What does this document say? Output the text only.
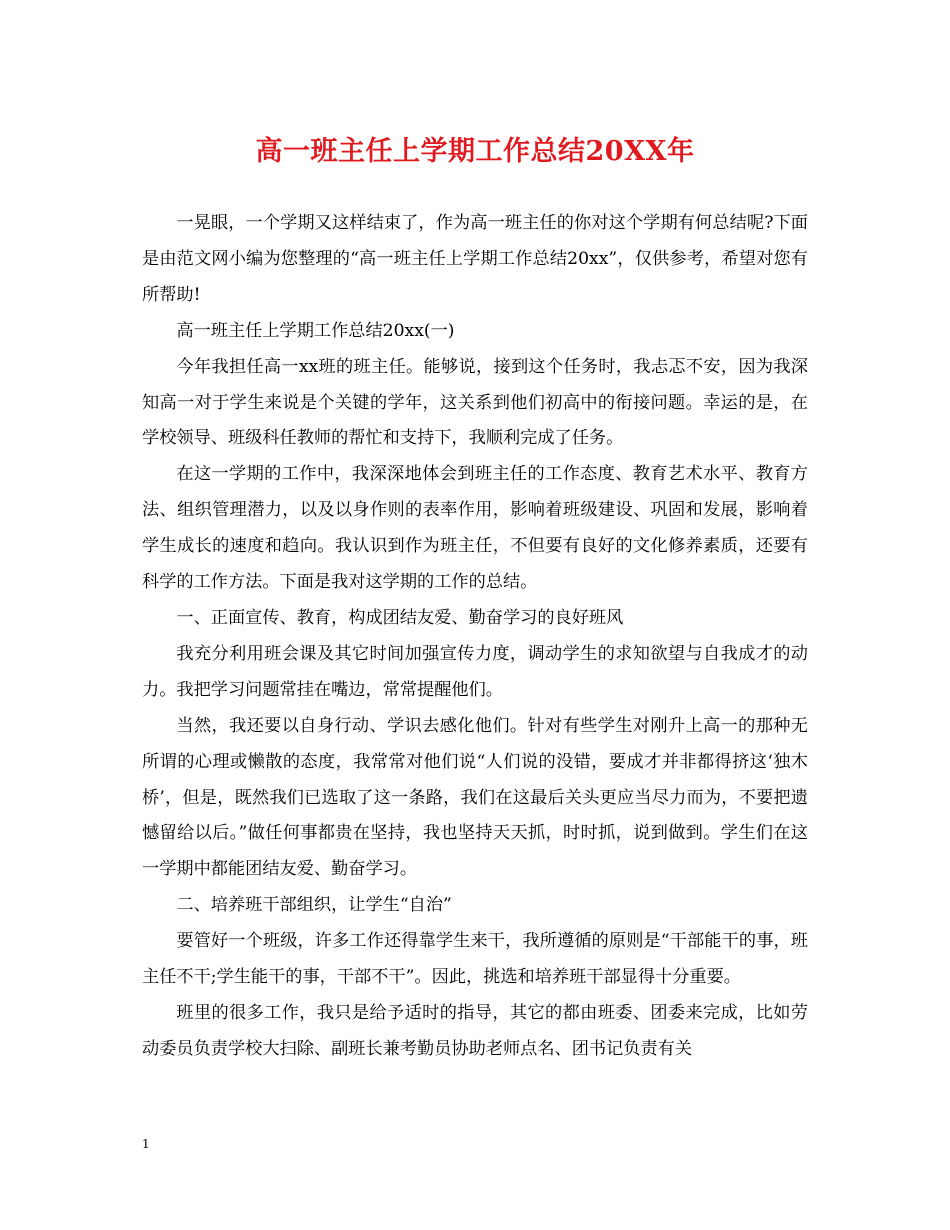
高一班主任上学期工作总结20XX年

一晃眼，一个学期又这样结束了，作为高一班主任的你对这个学期有何总结呢?下面是由范文网小编为您整理的“高一班主任上学期工作总结20xx”，仅供参考，希望对您有所帮助!

高一班主任上学期工作总结20xx(一)

今年我担任高一xx班的班主任。能够说，接到这个任务时，我忐忑不安，因为我深知高一对于学生来说是个关键的学年，这关系到他们初高中的衔接问题。幸运的是，在学校领导、班级科任教师的帮忙和支持下，我顺利完成了任务。

在这一学期的工作中，我深深地体会到班主任的工作态度、教育艺术水平、教育方法、组织管理潜力，以及以身作则的表率作用，影响着班级建设、巩固和发展，影响着学生成长的速度和趋向。我认识到作为班主任，不但要有良好的文化修养素质，还要有科学的工作方法。下面是我对这学期的工作的总结。

一、正面宣传、教育，构成团结友爱、勤奋学习的良好班风

我充分利用班会课及其它时间加强宣传力度，调动学生的求知欲望与自我成才的动力。我把学习问题常挂在嘴边，常常提醒他们。

当然，我还要以自身行动、学识去感化他们。针对有些学生对刚升上高一的那种无所谓的心理或懒散的态度，我常常对他们说“人们说的没错，要成才并非都得挤这‘独木桥’，但是，既然我们已选取了这一条路，我们在这最后关头更应当尽力而为，不要把遗憾留给以后。”做任何事都贵在坚持，我也坚持天天抓，时时抓，说到做到。学生们在这一学期中都能团结友爱、勤奋学习。

二、培养班干部组织，让学生“自治”

要管好一个班级，许多工作还得靠学生来干，我所遵循的原则是“干部能干的事，班主任不干;学生能干的事，干部不干”。因此，挑选和培养班干部显得十分重要。

班里的很多工作，我只是给予适时的指导，其它的都由班委、团委来完成，比如劳动委员负责学校大扫除、副班长兼考勤员协助老师点名、团书记负责有关

1
